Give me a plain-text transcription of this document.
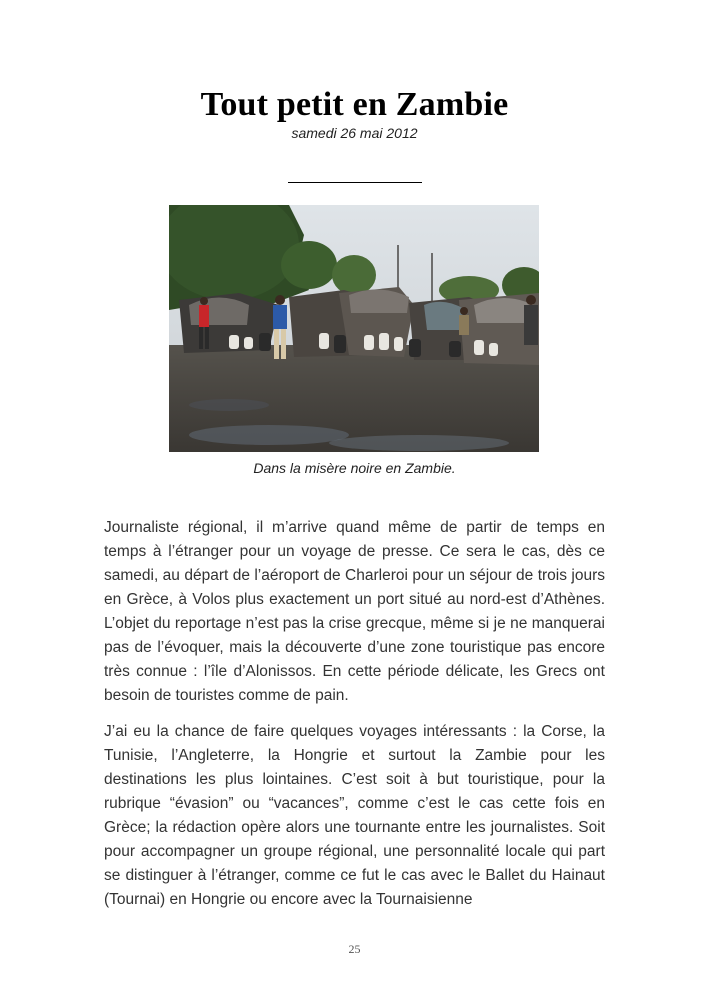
Tout petit en Zambie
samedi 26 mai 2012
Dans la misère noire en Zambie.

Journaliste régional, il m’arrive quand même de partir de temps en temps à l’étranger pour un voyage de presse. Ce sera le cas, dès ce samedi, au départ de l’aéroport de Charleroi pour un séjour de trois jours en Grèce, à Volos plus exactement un port situé au nord-est d’Athènes. L’objet du reportage n’est pas la crise grecque, même si je ne manquerai pas de l’évoquer, mais la découverte d’une zone touristique pas encore très connue : l’île d’Alonissos. En cette période délicate, les Grecs ont besoin de touristes comme de pain.

J’ai eu la chance de faire quelques voyages intéressants : la Corse, la Tunisie, l’Angleterre, la Hongrie et surtout la Zambie pour les destinations les plus lointaines. C’est soit à but touristique, pour la rubrique “évasion” ou “vacances”, comme c’est le cas cette fois en Grèce; la rédaction opère alors une tournante entre les journalistes. Soit pour accompagner un groupe régional, une personnalité locale qui part se distinguer à l’étranger, comme ce fut le cas avec le Ballet du Hainaut (Tournai) en Hongrie ou encore avec la Tournaisienne

25
